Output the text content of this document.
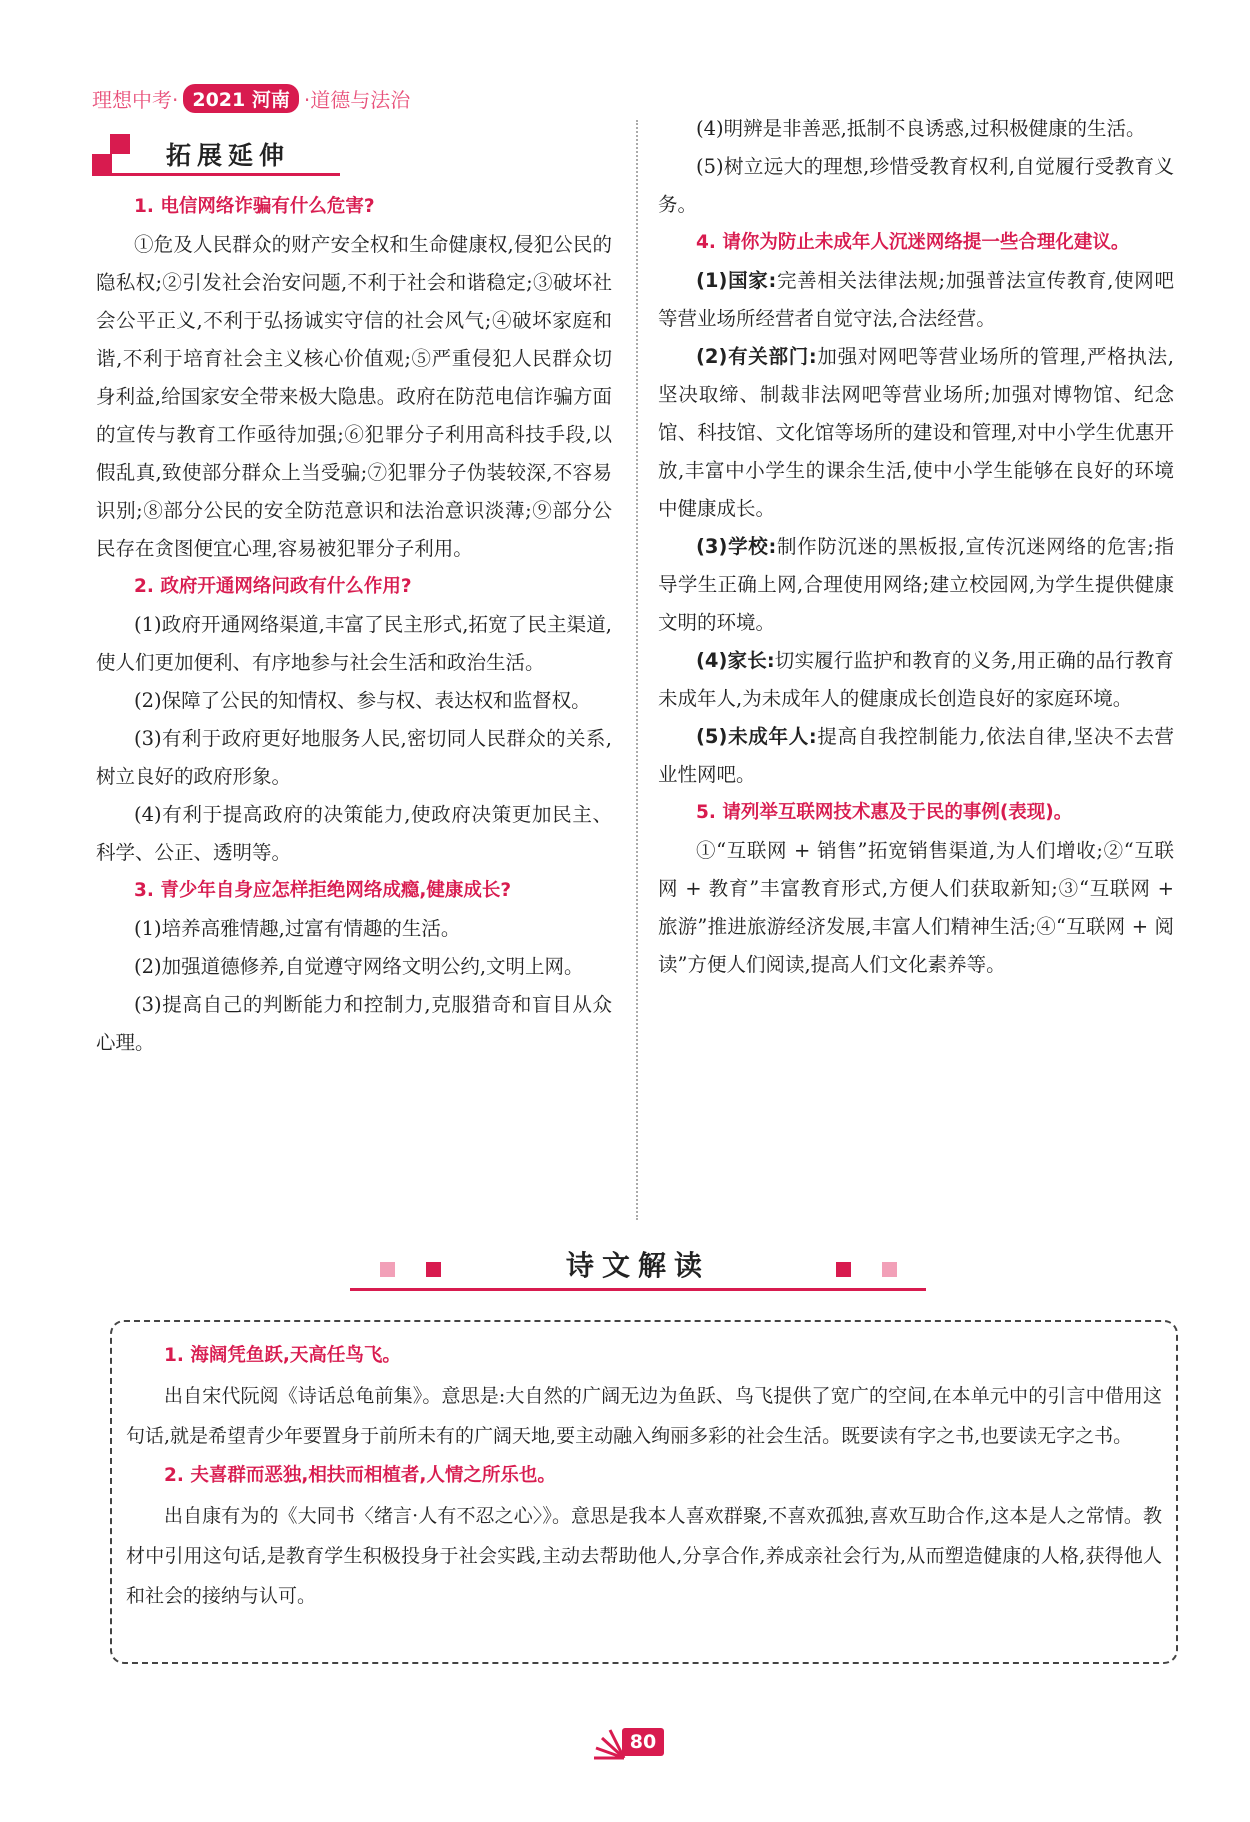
理想中考· 2021 河南 ·道德与法治
拓展延伸

1. 电信网络诈骗有什么危害?

①危及人民群众的财产安全权和生命健康权,侵犯公民的隐私权;②引发社会治安问题,不利于社会和谐稳定;③破坏社会公平正义,不利于弘扬诚实守信的社会风气;④破坏家庭和谐,不利于培育社会主义核心价值观;⑤严重侵犯人民群众切身利益,给国家安全带来极大隐患。政府在防范电信诈骗方面的宣传与教育工作亟待加强;⑥犯罪分子利用高科技手段,以假乱真,致使部分群众上当受骗;⑦犯罪分子伪装较深,不容易识别;⑧部分公民的安全防范意识和法治意识淡薄;⑨部分公民存在贪图便宜心理,容易被犯罪分子利用。

2. 政府开通网络问政有什么作用?

(1)政府开通网络渠道,丰富了民主形式,拓宽了民主渠道,使人们更加便利、有序地参与社会生活和政治生活。

(2)保障了公民的知情权、参与权、表达权和监督权。

(3)有利于政府更好地服务人民,密切同人民群众的关系,树立良好的政府形象。

(4)有利于提高政府的决策能力,使政府决策更加民主、科学、公正、透明等。

3. 青少年自身应怎样拒绝网络成瘾,健康成长?

(1)培养高雅情趣,过富有情趣的生活。

(2)加强道德修养,自觉遵守网络文明公约,文明上网。

(3)提高自己的判断能力和控制力,克服猎奇和盲目从众心理。

(4)明辨是非善恶,抵制不良诱惑,过积极健康的生活。

(5)树立远大的理想,珍惜受教育权利,自觉履行受教育义务。

4. 请你为防止未成年人沉迷网络提一些合理化建议。

(1)国家:完善相关法律法规;加强普法宣传教育,使网吧等营业场所经营者自觉守法,合法经营。

(2)有关部门:加强对网吧等营业场所的管理,严格执法,坚决取缔、制裁非法网吧等营业场所;加强对博物馆、纪念馆、科技馆、文化馆等场所的建设和管理,对中小学生优惠开放,丰富中小学生的课余生活,使中小学生能够在良好的环境中健康成长。

(3)学校:制作防沉迷的黑板报,宣传沉迷网络的危害;指导学生正确上网,合理使用网络;建立校园网,为学生提供健康文明的环境。

(4)家长:切实履行监护和教育的义务,用正确的品行教育未成年人,为未成年人的健康成长创造良好的家庭环境。

(5)未成年人:提高自我控制能力,依法自律,坚决不去营业性网吧。

5. 请列举互联网技术惠及于民的事例(表现)。

①“互联网 + 销售”拓宽销售渠道,为人们增收;②“互联网 + 教育”丰富教育形式,方便人们获取新知;③“互联网 + 旅游”推进旅游经济发展,丰富人们精神生活;④“互联网 + 阅读”方便人们阅读,提高人们文化素养等。

诗文解读

1. 海阔凭鱼跃,天高任鸟飞。

出自宋代阮阅《诗话总龟前集》。意思是:大自然的广阔无边为鱼跃、鸟飞提供了宽广的空间,在本单元中的引言中借用这句话,就是希望青少年要置身于前所未有的广阔天地,要主动融入绚丽多彩的社会生活。既要读有字之书,也要读无字之书。

2. 夫喜群而恶独,相扶而相植者,人情之所乐也。

出自康有为的《大同书〈绪言·人有不忍之心〉》。意思是我本人喜欢群聚,不喜欢孤独,喜欢互助合作,这本是人之常情。教材中引用这句话,是教育学生积极投身于社会实践,主动去帮助他人,分享合作,养成亲社会行为,从而塑造健康的人格,获得他人和社会的接纳与认可。

80
